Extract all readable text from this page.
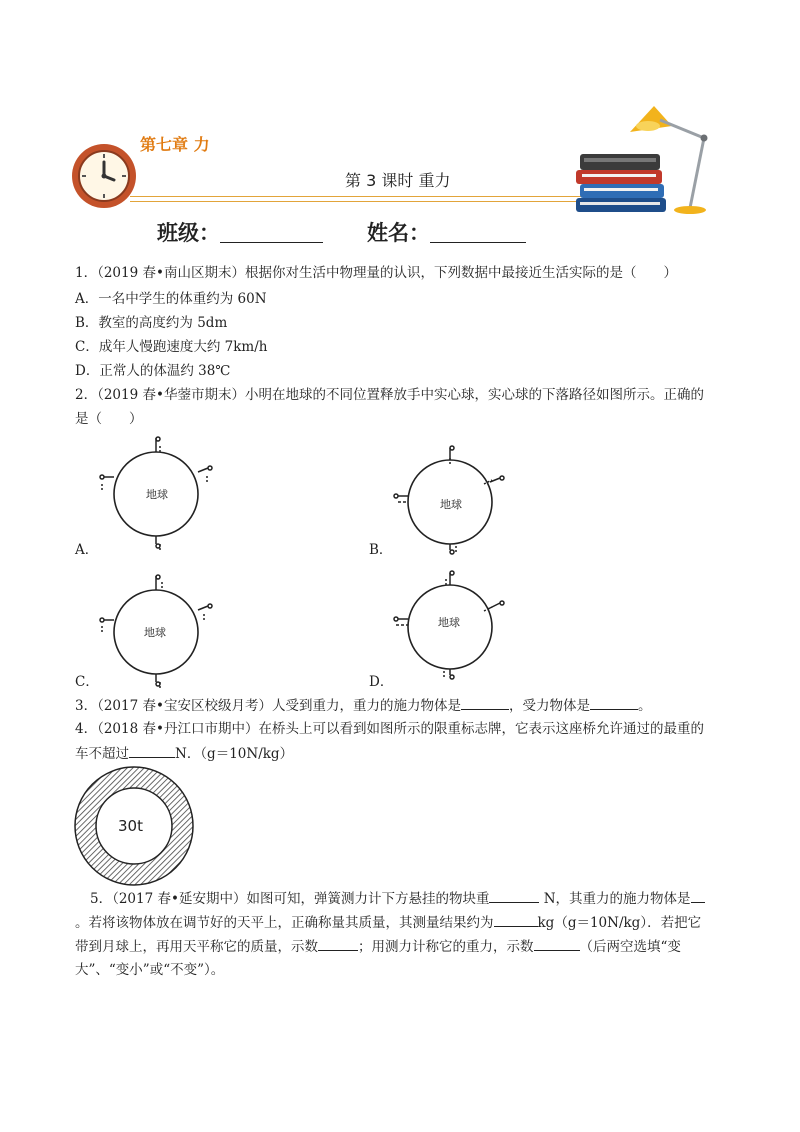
第七章 力
第 3 课时 重力
班级：	姓名：
1．（2019 春•南山区期末）根据你对生活中物理量的认识，下列数据中最接近生活实际的是（　　）
A．一名中学生的体重约为 60N
B．教室的高度约为 5dm
C．成年人慢跑速度大约 7km/h
D．正常人的体温约 38℃
2．（2019 春•华蓥市期末）小明在地球的不同位置释放手中实心球，实心球的下落路径如图所示。正确的
是（　　）
地球
A．
地球
B．
地球
C．
地球
D．
3．（2017 春•宝安区校级月考）人受到重力，重力的施力物体是	，受力物体是	。
4．（2018 春•丹江口市期中）在桥头上可以看到如图所示的限重标志牌，它表示这座桥允许通过的最重的
车不超过	N．（g＝10N/kg）
30t
5．（2017 春•延安期中）如图可知，弹簧测力计下方悬挂的物块重	N，其重力的施力物体是
。若将该物体放在调节好的天平上，正确称量其质量，其测量结果约为	kg（g＝10N/kg）．若把它
带到月球上，再用天平称它的质量，示数	；用测力计称它的重力，示数	（后两空选填“变
大”、“变小”或“不变”）。
